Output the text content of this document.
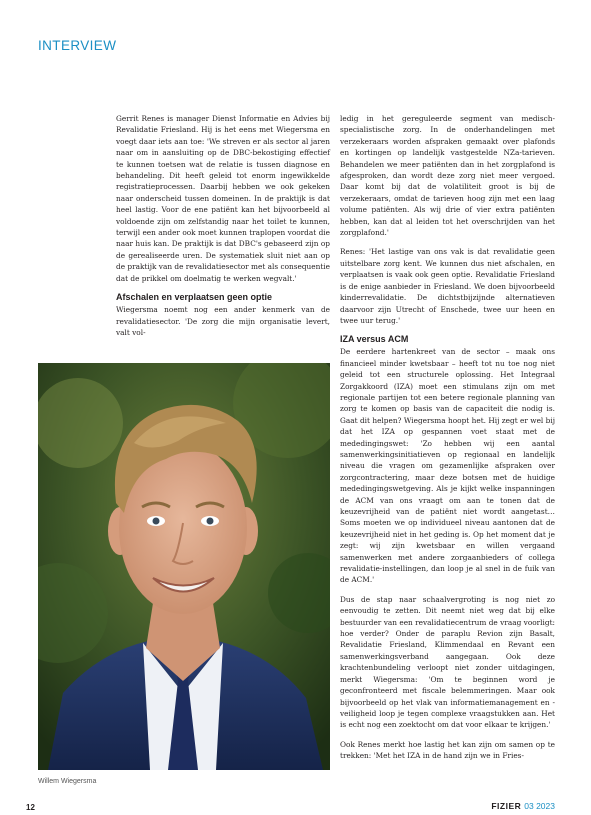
INTERVIEW

Gerrit Renes is manager Dienst Informatie en Advies bij Revalidatie Friesland. Hij is het eens met Wiegersma en voegt daar iets aan toe: 'We streven er als sector al jaren naar om in aansluiting op de DBC-bekostiging effectief te kunnen toetsen wat de relatie is tussen diagnose en behandeling. Dit heeft geleid tot enorm ingewikkelde registratieprocessen. Daarbij hebben we ook gekeken naar onderscheid tussen domeinen. In de praktijk is dat heel lastig. Voor de ene patiënt kan het bijvoorbeeld al voldoende zijn om zelfstandig naar het toilet te kunnen, terwijl een ander ook moet kunnen traplopen voordat die naar huis kan. De praktijk is dat DBC's gebaseerd zijn op de gerealiseerde uren. De systematiek sluit niet aan op de praktijk van de revalidatiesector met als consequentie dat de prikkel om doelmatig te werken wegvalt.'

Afschalen en verplaatsen geen optie

Wiegersma noemt nog een ander kenmerk van de revalidatiesector. 'De zorg die mijn organisatie levert, valt vol-

Willem Wiegersma

ledig in het gereguleerde segment van medisch-specialistische zorg. In de onderhandelingen met verzekeraars worden afspraken gemaakt over plafonds en kortingen op landelijk vastgestelde NZa-tarieven. Behandelen we meer patiënten dan in het zorgplafond is afgesproken, dan wordt deze zorg niet meer vergoed. Daar komt bij dat de volatiliteit groot is bij de verzekeraars, omdat de tarieven hoog zijn met een laag volume patiënten. Als wij drie of vier extra patiënten hebben, kan dat al leiden tot het overschrijden van het zorgplafond.'

Renes: 'Het lastige van ons vak is dat revalidatie geen uitstelbare zorg kent. We kunnen dus niet afschalen, en verplaatsen is vaak ook geen optie. Revalidatie Friesland is de enige aanbieder in Friesland. We doen bijvoorbeeld kinderrevalidatie. De dichtstbijzijnde alternatieven daarvoor zijn Utrecht of Enschede, twee uur heen en twee uur terug.'

IZA versus ACM

De eerdere hartenkreet van de sector – maak ons financieel minder kwetsbaar – heeft tot nu toe nog niet geleid tot een structurele oplossing. Het Integraal Zorgakkoord (IZA) moet een stimulans zijn om met regionale partijen tot een betere regionale planning van zorg te komen op basis van de capaciteit die nodig is. Gaat dit helpen? Wiegersma hoopt het. Hij zegt er wel bij dat het IZA op gespannen voet staat met de mededingingswet: 'Zo hebben wij een aantal samenwerkingsinitiatieven op regionaal en landelijk niveau die vragen om gezamenlijke afspraken over zorgcontractering, maar deze botsen met de huidige mededingingswetgeving. Als je kijkt welke inspanningen de ACM van ons vraagt om aan te tonen dat de keuzevrijheid van de patiënt niet wordt aangetast… Soms moeten we op individueel niveau aantonen dat de keuzevrijheid niet in het geding is. Op het moment dat je zegt: wij zijn kwetsbaar en willen vergaand samenwerken met andere zorgaanbieders of collega revalidatie-instellingen, dan loop je al snel in de fuik van de ACM.'

Dus de stap naar schaalvergroting is nog niet zo eenvoudig te zetten. Dit neemt niet weg dat bij elke bestuurder van een revalidatiecentrum de vraag voorligt: hoe verder? Onder de paraplu Revion zijn Basalt, Revalidatie Friesland, Klimmendaal en Revant een samenwerkingsverband aangegaan. Ook deze krachtenbundeling verloopt niet zonder uitdagingen, merkt Wiegersma: 'Om te beginnen word je geconfronteerd met fiscale belemmeringen. Maar ook bijvoorbeeld op het vlak van informatiemanagement en -veiligheid loop je tegen complexe vraagstukken aan. Het is echt nog een zoektocht om dat voor elkaar te krijgen.'

Ook Renes merkt hoe lastig het kan zijn om samen op te trekken: 'Met het IZA in de hand zijn we in Fries-

12	FIZIER 03 2023
